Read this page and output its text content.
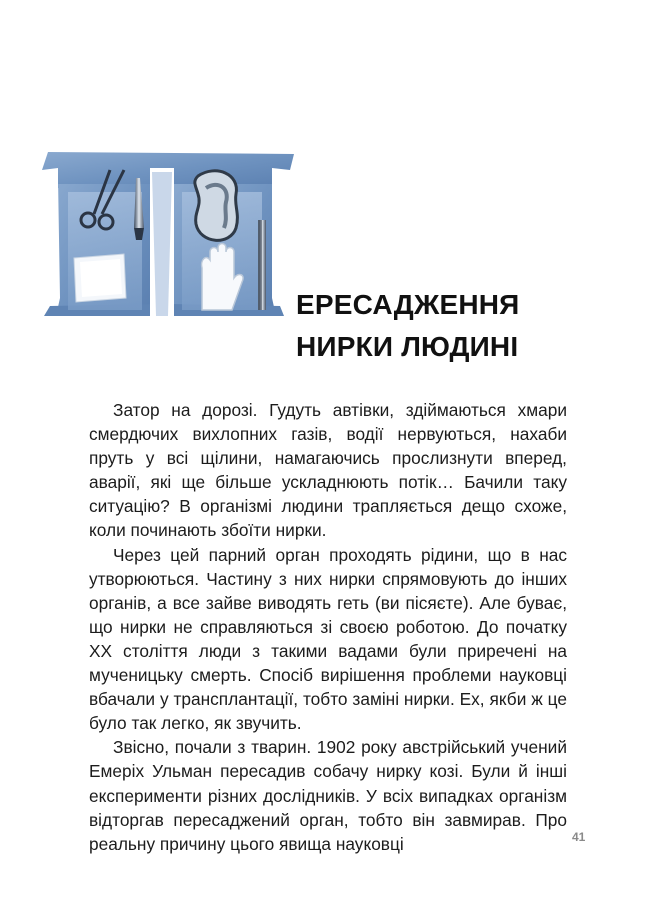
ЕРЕСАДЖЕННЯ
НИРКИ ЛЮДИНІ

Затор на дорозі. Гудуть автівки, здіймаються хмари смердючих вихлопних газів, водії нервуються, нахаби пруть у всі щілини, намагаючись прослизнути вперед, аварії, які ще більше ускладнюють потік… Бачили таку ситуацію? В організмі людини трапляється дещо схоже, коли починають збоїти нирки.

Через цей парний орган проходять рідини, що в нас утворюються. Частину з них нирки спрямовують до інших органів, а все зайве виводять геть (ви пісяєте). Але буває, що нирки не справляються зі своєю роботою. До початку ХХ століття люди з такими вадами були приречені на мученицьку смерть. Спосіб вирішення проблеми науковці вбачали у трансплантації, тобто заміні нирки. Ех, якби ж це було так легко, як звучить.

Звісно, почали з тварин. 1902 року австрійський учений Емеріх Ульман пересадив собачу нирку козі. Були й інші експерименти різних дослідників. У всіх випадках організм відторгав пересаджений орган, тобто він завмирав. Про реальну причину цього явища науковці	41
